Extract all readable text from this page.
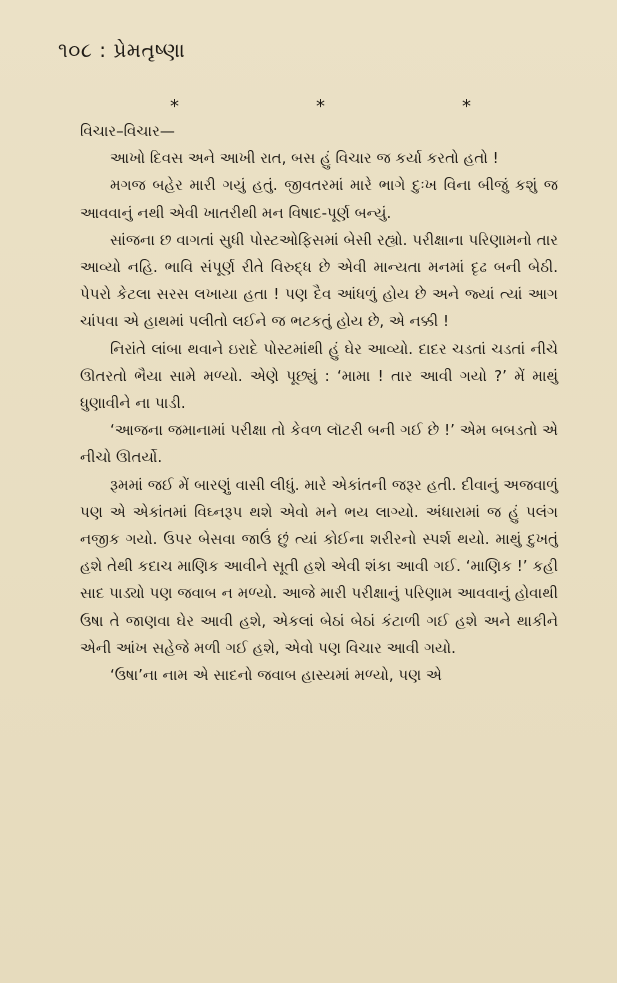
૧૦૮ : પ્રેમતૃષ્ણા
*	*	*

વિચાર–વિચાર—

આખો દિવસ અને આખી રાત, બસ હું વિચાર જ કર્યા કરતો હતો !

મગજ બહેર મારી ગયું હતું. જીવતરમાં મારે ભાગે દુઃખ વિના બીજું કશું જ આવવાનું નથી એવી ખાતરીથી મન વિષાદ-પૂર્ણ બન્યું.

સાંજના છ વાગતાં સુધી પોસ્ટઓફિસમાં બેસી રહ્યો. પરીક્ષાના પરિણામનો તાર આવ્યો નહિ. ભાવિ સંપૂર્ણ રીતે વિરુદ્ધ છે એવી માન્યતા મનમાં દૃઢ બની બેઠી. પેપરો કેટલા સરસ લખાયા હતા ! પણ દૈવ આંધળું હોય છે અને જ્યાં ત્યાં આગ ચાંપવા એ હાથમાં પલીતો લઈને જ ભટકતું હોય છે, એ નક્કી !

નિરાંતે લાંબા થવાને ઇરાદે પોસ્ટમાંથી હું ઘેર આવ્યો. દાદર ચડતાં ચડતાં નીચે ઊતરતો ભૈયા સામે મળ્યો. એણે પૂછ્યું : ‘મામા ! તાર આવી ગયો ?’ મેં માથું ધુણાવીને ના પાડી.

‘આજના જમાનામાં પરીક્ષા તો કેવળ લૉટરી બની ગઈ છે !’ એમ બબડતો એ નીચો ઊતર્યો.

રૂમમાં જઈ મેં બારણું વાસી લીધું. મારે એકાંતની જરૂર હતી. દીવાનું અજવાળું પણ એ એકાંતમાં વિઘ્નરૂપ થશે એવો મને ભય લાગ્યો. અંધારામાં જ હું પલંગ નજીક ગયો. ઉપર બેસવા જાઉં છું ત્યાં કોઈના શરીરનો સ્પર્શ થયો. માથું દુખતું હશે તેથી કદાચ માણિક આવીને સૂતી હશે એવી શંકા આવી ગઈ. ‘માણિક !’ કહી સાદ પાડ્યો પણ જવાબ ન મળ્યો. આજે મારી પરીક્ષાનું પરિણામ આવવાનું હોવાથી ઉષા તે જાણવા ઘેર આવી હશે, એકલાં બેઠાં બેઠાં કંટાળી ગઈ હશે અને થાકીને એની આંખ સહેજે મળી ગઈ હશે, એવો પણ વિચાર આવી ગયો.

‘ઉષા’ના નામ એ સાદનો જવાબ હાસ્યમાં મળ્યો, પણ એ
